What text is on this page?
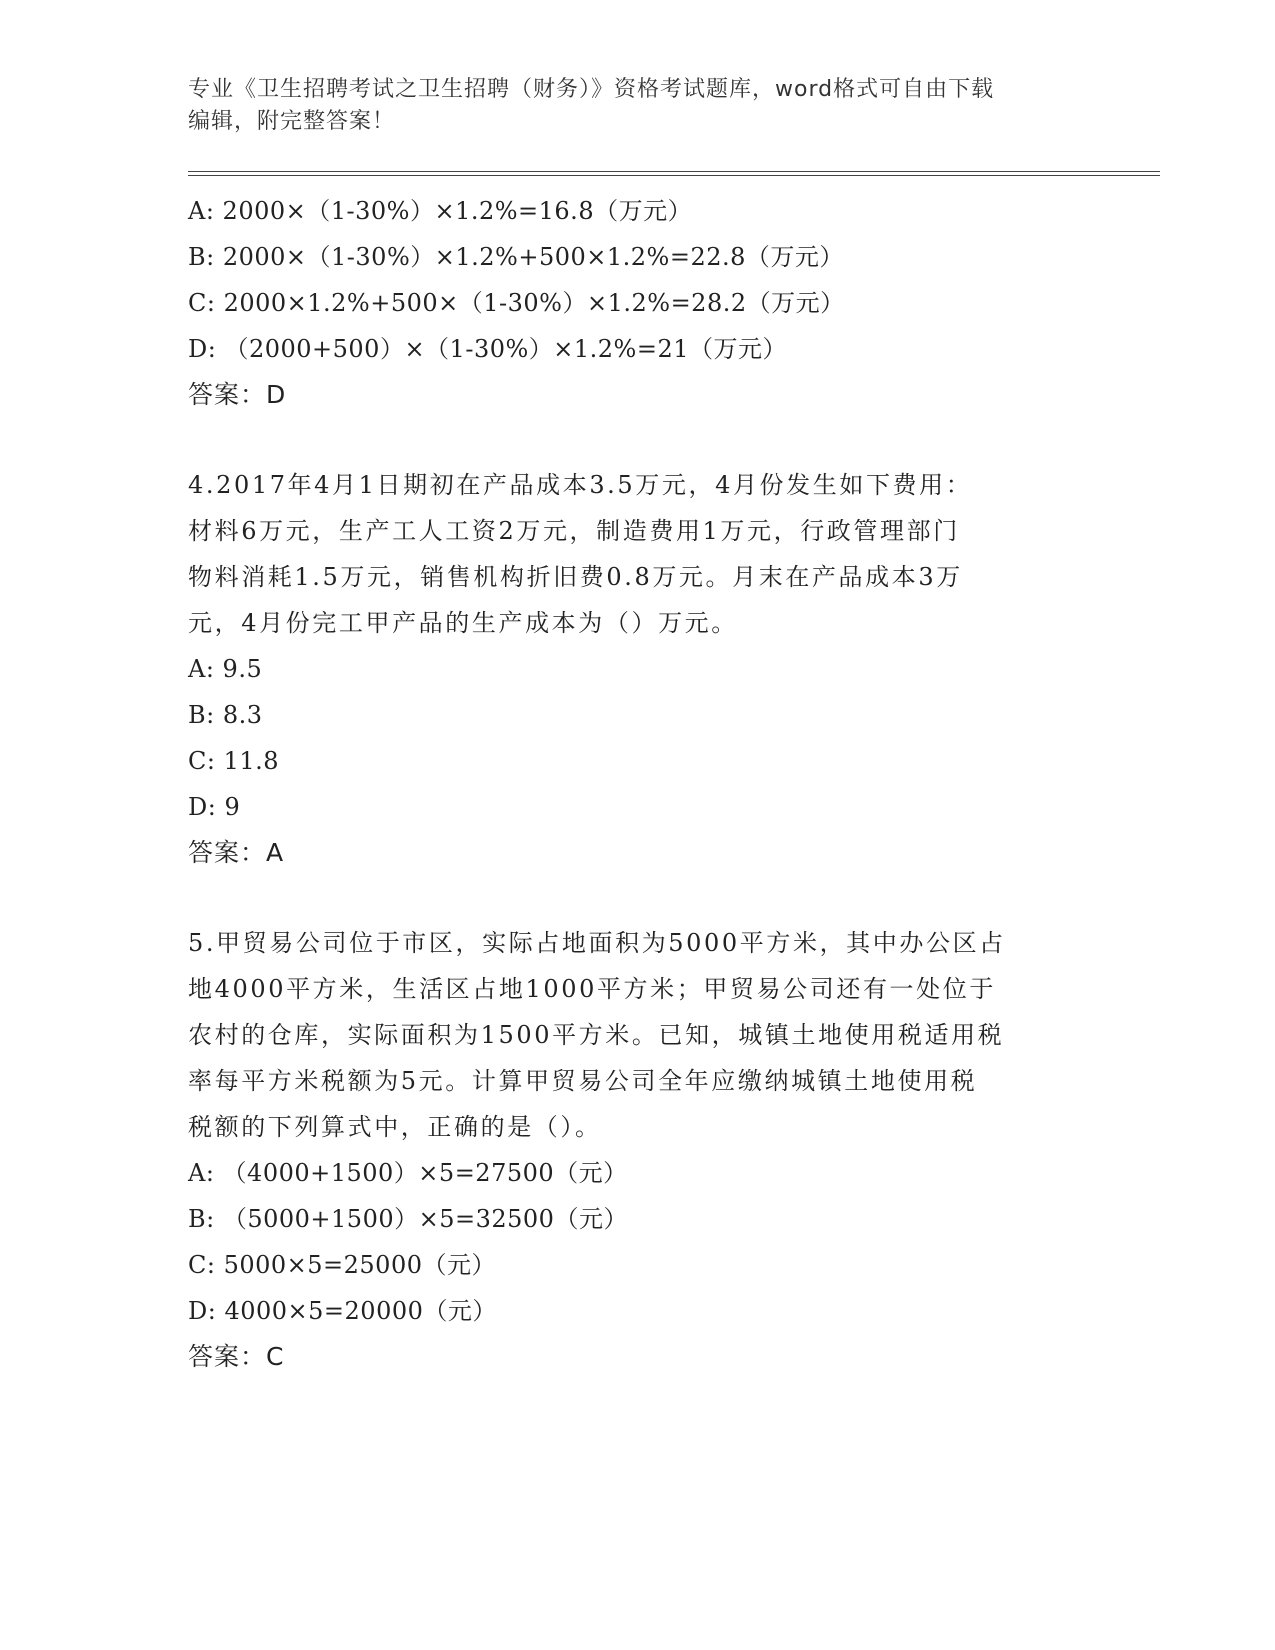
专业《卫生招聘考试之卫生招聘（财务）》资格考试题库，word格式可自由下载
编辑，附完整答案！
A: 2000×（1-30%）×1.2%=16.8（万元）
B: 2000×（1-30%）×1.2%+500×1.2%=22.8（万元）
C: 2000×1.2%+500×（1-30%）×1.2%=28.2（万元）
D: （2000+500）×（1-30%）×1.2%=21（万元）
答案：D
4.2017年4月1日期初在产品成本3.5万元，4月份发生如下费用：
材料6万元，生产工人工资2万元，制造费用1万元，行政管理部门
物料消耗1.5万元，销售机构折旧费0.8万元。月末在产品成本3万
元，4月份完工甲产品的生产成本为（）万元。
A: 9.5
B: 8.3
C: 11.8
D: 9
答案：A
5.甲贸易公司位于市区，实际占地面积为5000平方米，其中办公区占
地4000平方米，生活区占地1000平方米；甲贸易公司还有一处位于
农村的仓库，实际面积为1500平方米。已知，城镇土地使用税适用税
率每平方米税额为5元。计算甲贸易公司全年应缴纳城镇土地使用税
税额的下列算式中，正确的是（）。
A: （4000+1500）×5=27500（元）
B: （5000+1500）×5=32500（元）
C: 5000×5=25000（元）
D: 4000×5=20000（元）
答案：C
